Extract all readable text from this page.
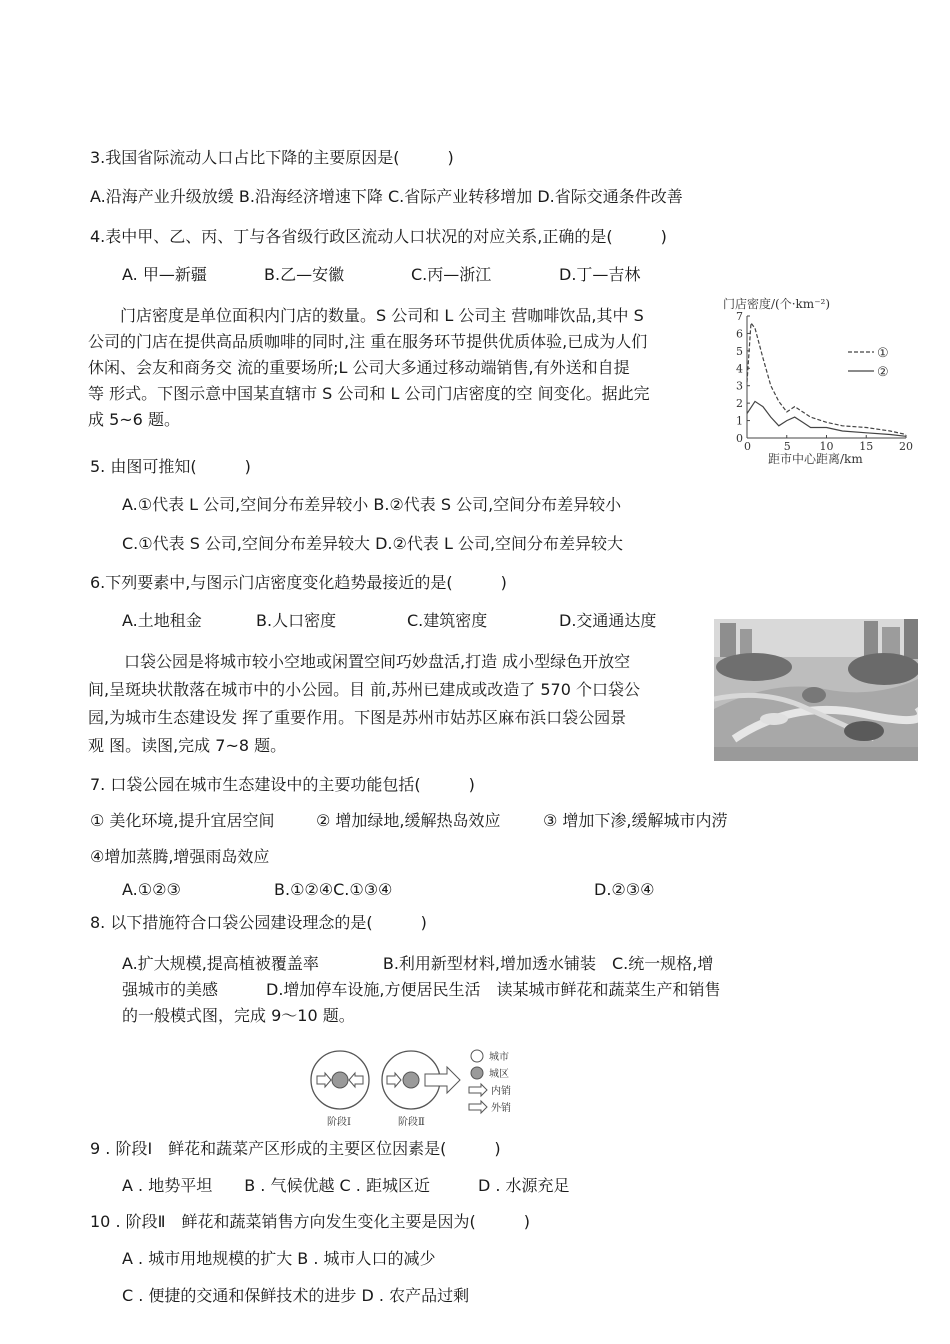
3.我国省际流动人口占比下降的主要原因是(　　　)
A.沿海产业升级放缓 B.沿海经济增速下降 C.省际产业转移增加 D.省际交通条件改善
4.表中甲、乙、丙、丁与各省级行政区流动人口状况的对应关系,正确的是(　　　)
A. 甲—新疆	B.乙—安徽	C.丙—浙江	D.丁—吉林
门店密度是单位面积内门店的数量。S 公司和 L 公司主 营咖啡饮品,其中 S
公司的门店在提供高品质咖啡的同时,注 重在服务环节提供优质体验,已成为人们
休闲、会友和商务交 流的重要场所;L 公司大多通过移动端销售,有外送和自提
等 形式。下图示意中国某直辖市 S 公司和 L 公司门店密度的空 间变化。据此完
成 5~6 题。
门店密度/(个·km⁻²)
0
1
2
3
4
5
6
7
0	5	10 15 20
①
②
距市中心距离/km
5. 由图可推知(　　　)
A.①代表 L 公司,空间分布差异较小 B.②代表 S 公司,空间分布差异较小
C.①代表 S 公司,空间分布差异较大 D.②代表 L 公司,空间分布差异较大
6.下列要素中,与图示门店密度变化趋势最接近的是(　　　)
A.土地租金	B.人口密度	C.建筑密度	D.交通通达度
口袋公园是将城市较小空地或闲置空间巧妙盘活,打造 成小型绿色开放空
间,呈斑块状散落在城市中的小公园。目 前,苏州已建成或改造了 570 个口袋公
园,为城市生态建设发 挥了重要作用。下图是苏州市姑苏区麻布浜口袋公园景
观 图。读图,完成 7~8 题。
7. 口袋公园在城市生态建设中的主要功能包括(　　　)
① 美化环境,提升宜居空间	② 增加绿地,缓解热岛效应	③ 增加下渗,缓解城市内涝
④增加蒸腾,增强雨岛效应
A.①②③	B.①②④C.①③④	D.②③④
8. 以下措施符合口袋公园建设理念的是(　　　)
A.扩大规模,提高植被覆盖率　　　　B.利用新型材料,增加透水铺装　C.统一规格,增
强城市的美感　　　D.增加停车设施,方便居民生活　读某城市鲜花和蔬菜生产和销售
的一般模式图，完成 9～10 题。
阶段Ⅰ	阶段Ⅱ
城市
城区
内销
外销
9 . 阶段Ⅰ　鲜花和蔬菜产区形成的主要区位因素是(　　　)
A . 地势平坦　　B . 气候优越 C . 距城区近　　　D . 水源充足
10 . 阶段Ⅱ　鲜花和蔬菜销售方向发生变化主要是因为(　　　)
A . 城市用地规模的扩大 B . 城市人口的减少
C . 便捷的交通和保鲜技术的进步 D . 农产品过剩
